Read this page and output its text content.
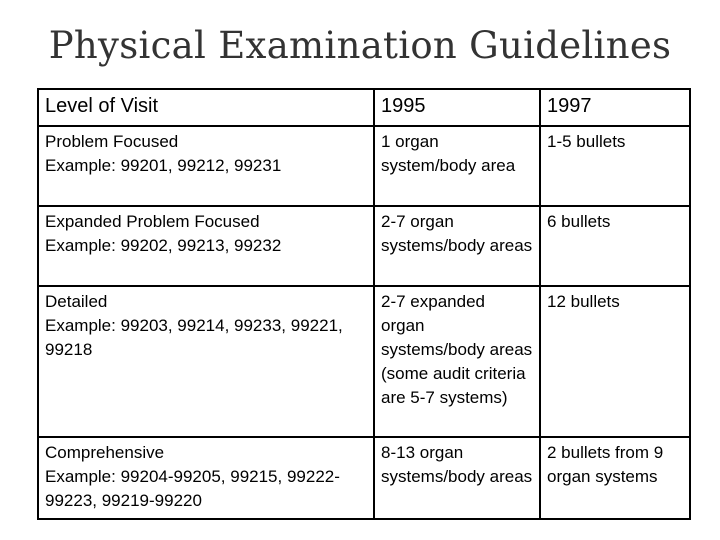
Physical Examination Guidelines
Level of Visit	1995	1997

Problem Focused
Example: 99201, 99212, 99231	1 organ system/body area	1-5 bullets

Expanded Problem Focused
Example: 99202, 99213, 99232	2-7 organ systems/body areas	6 bullets

Detailed
Example: 99203, 99214, 99233, 99221, 99218	2-7 expanded organ systems/body areas (some audit criteria are 5-7 systems)	12 bullets

Comprehensive
Example: 99204-99205, 99215, 99222-99223, 99219-99220	8-13 organ systems/body areas	2 bullets from 9 organ systems
